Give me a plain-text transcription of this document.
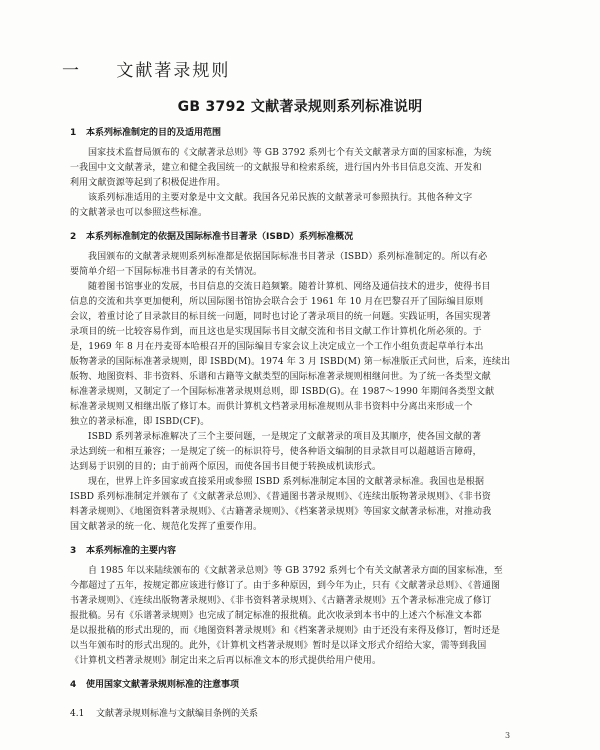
一 文献著录规则
GB 3792 文献著录规则系列标准说明
1 本系列标准制定的目的及适用范围
国家技术监督局颁布的《文献著录总则》等 GB 3792 系列七个有关文献著录方面的国家标准，为统
一我国中文文献著录，建立和健全我国统一的文献报导和检索系统，进行国内外书目信息交流、开发和
利用文献资源等起到了积极促进作用。
该系列标准适用的主要对象是中文文献。我国各兄弟民族的文献著录可参照执行。其他各种文字
的文献著录也可以参照这些标准。
2 本系列标准制定的依据及国际标准书目著录（ISBD）系列标准概况
我国颁布的文献著录规则系列标准都是依据国际标准书目著录（ISBD）系列标准制定的。所以有必
要简单介绍一下国际标准书目著录的有关情况。
随着图书馆事业的发展，书目信息的交流日趋频繁。随着计算机、网络及通信技术的进步，使得书目
信息的交流和共享更加便利，所以国际图书馆协会联合会于 1961 年 10 月在巴黎召开了国际编目原则
会议，着重讨论了目录款目的标目统一问题，同时也讨论了著录项目的统一问题。实践证明，各国实现著
录项目的统一比较容易作到，而且这也是实现国际书目文献交流和书目文献工作计算机化所必须的。于
是，1969 年 8 月在丹麦哥本哈根召开的国际编目专家会议上决定成立一个工作小组负责起草单行本出
版物著录的国际标准著录规则，即 ISBD(M)。1974 年 3 月 ISBD(M) 第一标准版正式问世，后来，连续出
版物、地图资料、非书资料、乐谱和古籍等文献类型的国际标准著录规则相继问世。为了统一各类型文献
标准著录规则，又制定了一个国际标准著录规则总则，即 ISBD(G)。在 1987～1990 年期间各类型文献
标准著录规则又相继出版了修订本。而供计算机文档著录用标准规则从非书资料中分离出来形成一个
独立的著录标准，即 ISBD(CF)。
ISBD 系列著录标准解决了三个主要问题，一是规定了文献著录的项目及其顺序，使各国文献的著
录达到统一和相互兼容；一是规定了统一的标识符号，使各种语文编制的目录款目可以超越语言障碍，
达到易于识别的目的；由于前两个原因，而使各国书目便于转换成机读形式。
现在，世界上许多国家或直接采用或参照 ISBD 系列标准制定本国的文献著录标准。我国也是根据
ISBD 系列标准制定并颁布了《文献著录总则》、《普通图书著录规则》、《连续出版物著录规则》、《非书资
料著录规则》、《地图资料著录规则》、《古籍著录规则》、《档案著录规则》等国家文献著录标准，对推动我
国文献著录的统一化、规范化发挥了重要作用。
3 本系列标准的主要内容
自 1985 年以来陆续颁布的《文献著录总则》等 GB 3792 系列七个有关文献著录方面的国家标准，至
今都超过了五年，按规定都应该进行修订了。由于多种原因，到今年为止，只有《文献著录总则》、《普通图
书著录规则》、《连续出版物著录规则》、《非书资料著录规则》、《古籍著录规则》五个著录标准完成了修订
报批稿。另有《乐谱著录规则》也完成了制定标准的报批稿。此次收录到本书中的上述六个标准文本都
是以报批稿的形式出现的，而《地图资料著录规则》和《档案著录规则》由于还没有来得及修订，暂时还是
以当年颁布时的形式出现的。此外，《计算机文档著录规则》暂时是以译文形式介绍给大家，需等到我国
《计算机文档著录规则》制定出来之后再以标准文本的形式提供给用户使用。
4 使用国家文献著录规则标准的注意事项
4.1 文献著录规则标准与文献编目条例的关系
3
